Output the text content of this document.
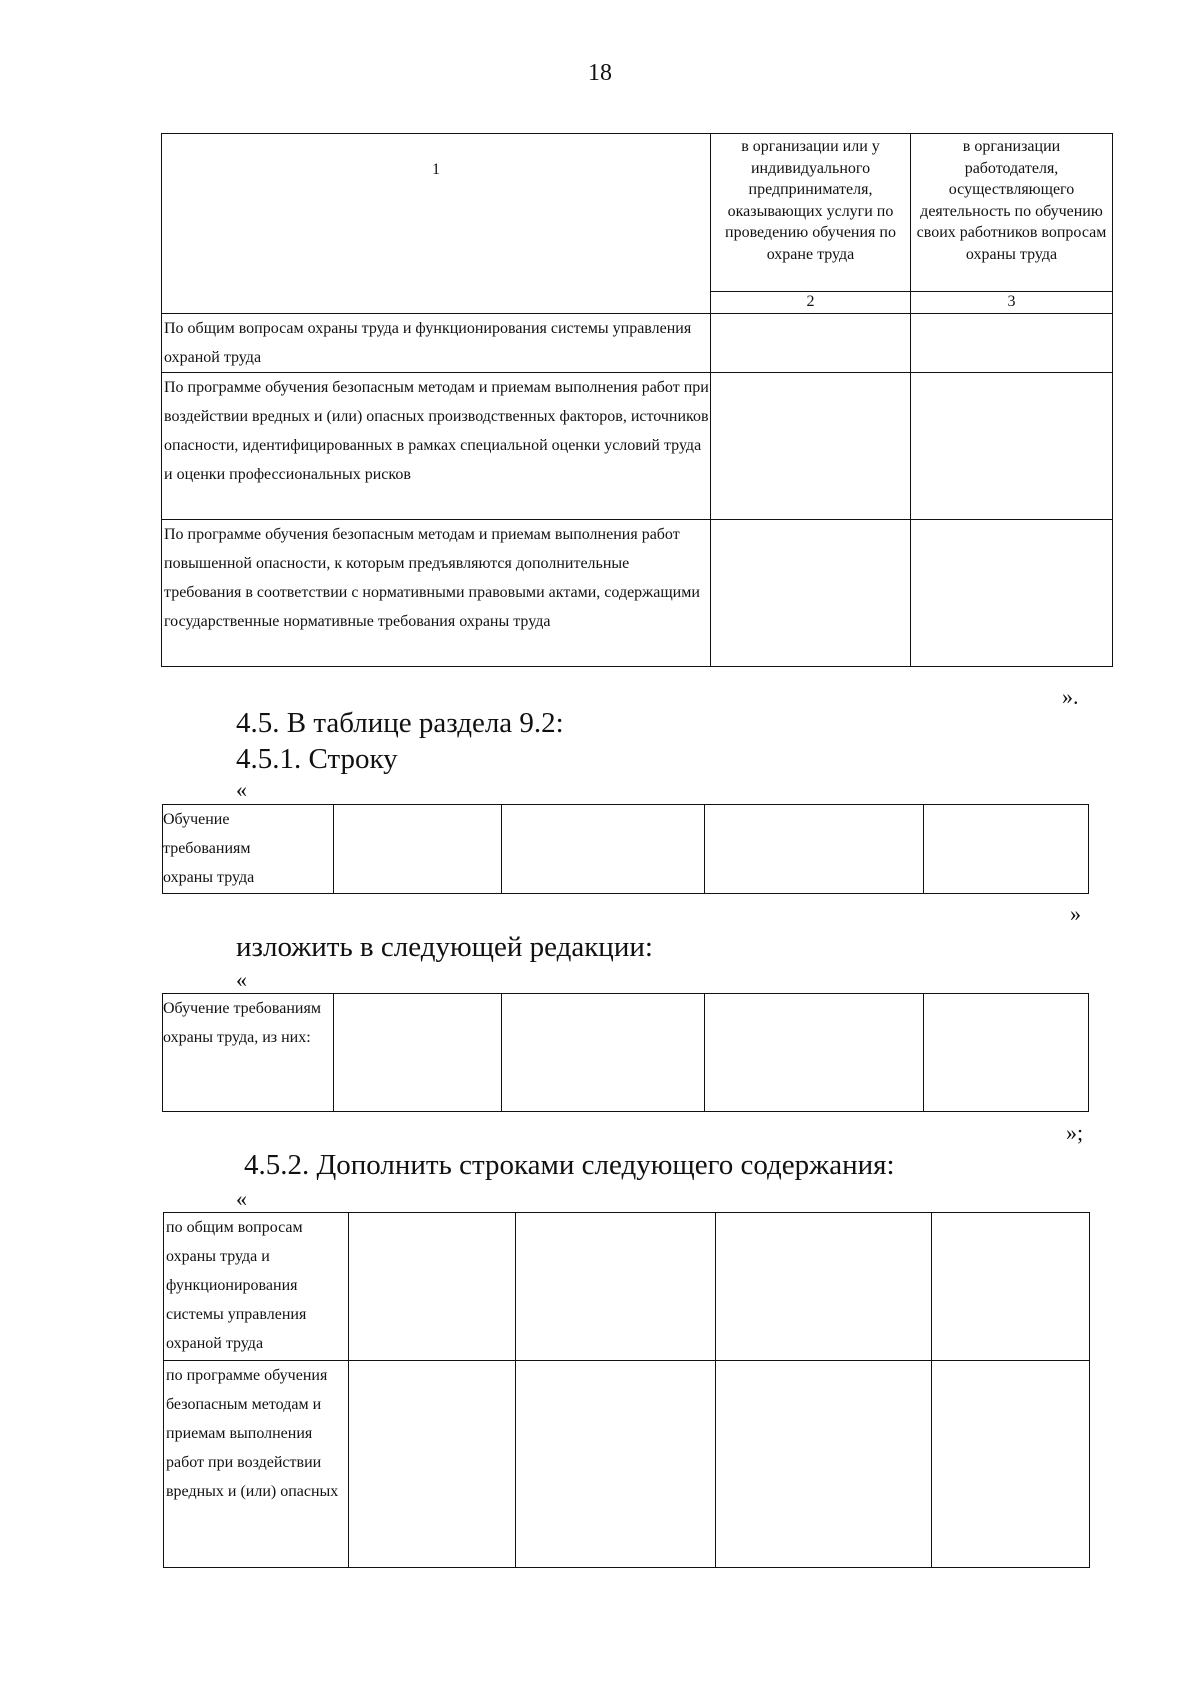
18
1	в организации или у индивидуального предпринимателя, оказывающих услуги по проведению обучения по охране труда	в организации работодателя, осуществляющего деятельность по обучению своих работников вопросам охраны труда

	2	3

По общим вопросам охраны труда и функционирования системы управления охраной труда		

По программе обучения безопасным методам и приемам выполнения работ при воздействии вредных и (или) опасных производственных факторов, источников опасности, идентифицированных в рамках специальной оценки условий труда и оценки профессиональных рисков		

По программе обучения безопасным методам и приемам выполнения работ повышенной опасности, к которым предъявляются дополнительные требования в соответствии с нормативными правовыми актами, содержащими государственные нормативные требования охраны труда		

».
4.5. В таблице раздела 9.2:
4.5.1. Строку
«
Обучение требованиям охраны труда

»
изложить в следующей редакции:
«
Обучение требованиям охраны труда, из них:

»;
4.5.2. Дополнить строками следующего содержания:
«
по общим вопросам охраны труда и функционирования системы управления охраной труда				

по программе обучения безопасным методам и приемам выполнения работ при воздействии вредных и (или) опасных				
